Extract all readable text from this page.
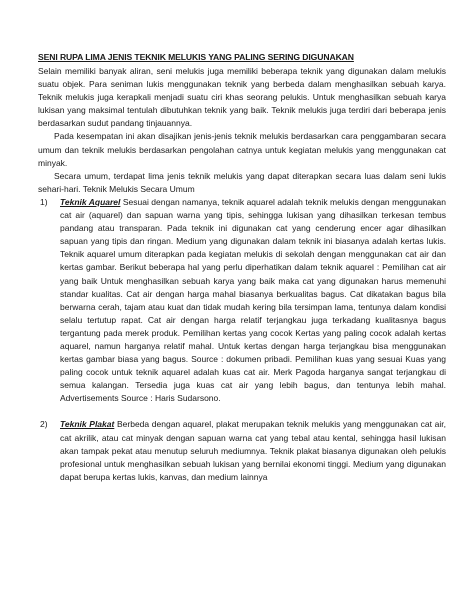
SENI RUPA LIMA JENIS TEKNIK MELUKIS YANG PALING SERING DIGUNAKAN

Selain memiliki banyak aliran, seni melukis juga memiliki beberapa teknik yang digunakan dalam melukis suatu objek. Para seniman lukis menggunakan teknik yang berbeda dalam menghasilkan sebuah karya. Teknik melukis juga kerapkali menjadi suatu ciri khas seorang pelukis. Untuk menghasilkan sebuah karya lukisan yang maksimal tentulah dibutuhkan teknik yang baik. Teknik melukis juga terdiri dari beberapa jenis berdasarkan sudut pandang tinjauannya.

Pada kesempatan ini akan disajikan jenis-jenis teknik melukis berdasarkan cara penggambaran secara umum dan teknik melukis berdasarkan pengolahan catnya untuk kegiatan melukis yang menggunakan cat minyak.

Secara umum, terdapat lima jenis teknik melukis yang dapat diterapkan secara luas dalam seni lukis sehari-hari. Teknik Melukis Secara Umum

1) Teknik Aquarel Sesuai dengan namanya, teknik aquarel adalah teknik melukis dengan menggunakan cat air (aquarel) dan sapuan warna yang tipis, sehingga lukisan yang dihasilkan terkesan tembus pandang atau transparan. Pada teknik ini digunakan cat yang cenderung encer agar dihasilkan sapuan yang tipis dan ringan. Medium yang digunakan dalam teknik ini biasanya adalah kertas lukis. Teknik aquarel umum diterapkan pada kegiatan melukis di sekolah dengan menggunakan cat air dan kertas gambar. Berikut beberapa hal yang perlu diperhatikan dalam teknik aquarel : Pemilihan cat air yang baik Untuk menghasilkan sebuah karya yang baik maka cat yang digunakan harus memenuhi standar kualitas. Cat air dengan harga mahal biasanya berkualitas bagus. Cat dikatakan bagus bila berwarna cerah, tajam atau kuat dan tidak mudah kering bila tersimpan lama, tentunya dalam kondisi selalu tertutup rapat. Cat air dengan harga relatif terjangkau juga terkadang kualitasnya bagus tergantung pada merek produk. Pemilihan kertas yang cocok Kertas yang paling cocok adalah kertas aquarel, namun harganya relatif mahal. Untuk kertas dengan harga terjangkau bisa menggunakan kertas gambar biasa yang bagus. Source : dokumen pribadi. Pemilihan kuas yang sesuai Kuas yang paling cocok untuk teknik aquarel adalah kuas cat air. Merk Pagoda harganya sangat terjangkau di semua kalangan. Tersedia juga kuas cat air yang lebih bagus, dan tentunya lebih mahal. Advertisements Source : Haris Sudarsono.
2) Teknik Plakat Berbeda dengan aquarel, plakat merupakan teknik melukis yang menggunakan cat air, cat akrilik, atau cat minyak dengan sapuan warna cat yang tebal atau kental, sehingga hasil lukisan akan tampak pekat atau menutup seluruh mediumnya. Teknik plakat biasanya digunakan oleh pelukis profesional untuk menghasilkan sebuah lukisan yang bernilai ekonomi tinggi. Medium yang digunakan dapat berupa kertas lukis, kanvas, dan medium lainnya
